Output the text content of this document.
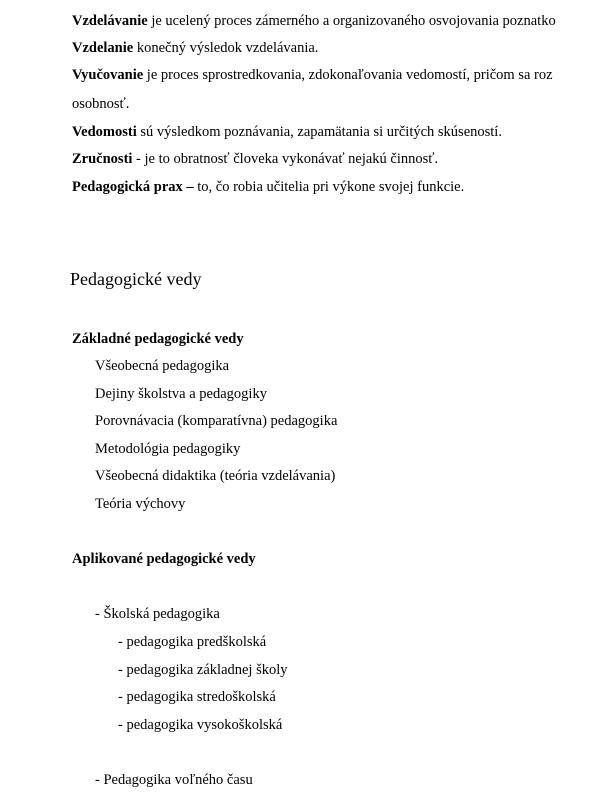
Vzdelávanie je ucelený proces zámerného a organizovaného osvojovania poznatko
Vzdelanie konečný výsledok vzdelávania.
Vyučovanie je proces sprostredkovania, zdokonaľovania vedomostí, pričom sa roz
osobnosť.
Vedomosti sú výsledkom poznávania, zapamätania si určitých skúseností.
Zručnosti - je to obratnosť človeka vykonávať nejakú činnosť.
Pedagogická prax – to, čo robia učitelia pri výkone svojej funkcie.
Pedagogické vedy
Základné pedagogické vedy
Všeobecná pedagogika
Dejiny školstva a pedagogiky
Porovnávacia (komparatívna) pedagogika
Metodológia pedagogiky
Všeobecná didaktika (teória vzdelávania)
Teória výchovy
Aplikované pedagogické vedy
- Školská pedagogika
- pedagogika predškolská
- pedagogika základnej školy
- pedagogika stredoškolská
- pedagogika vysokoškolská
- Pedagogika voľného času
